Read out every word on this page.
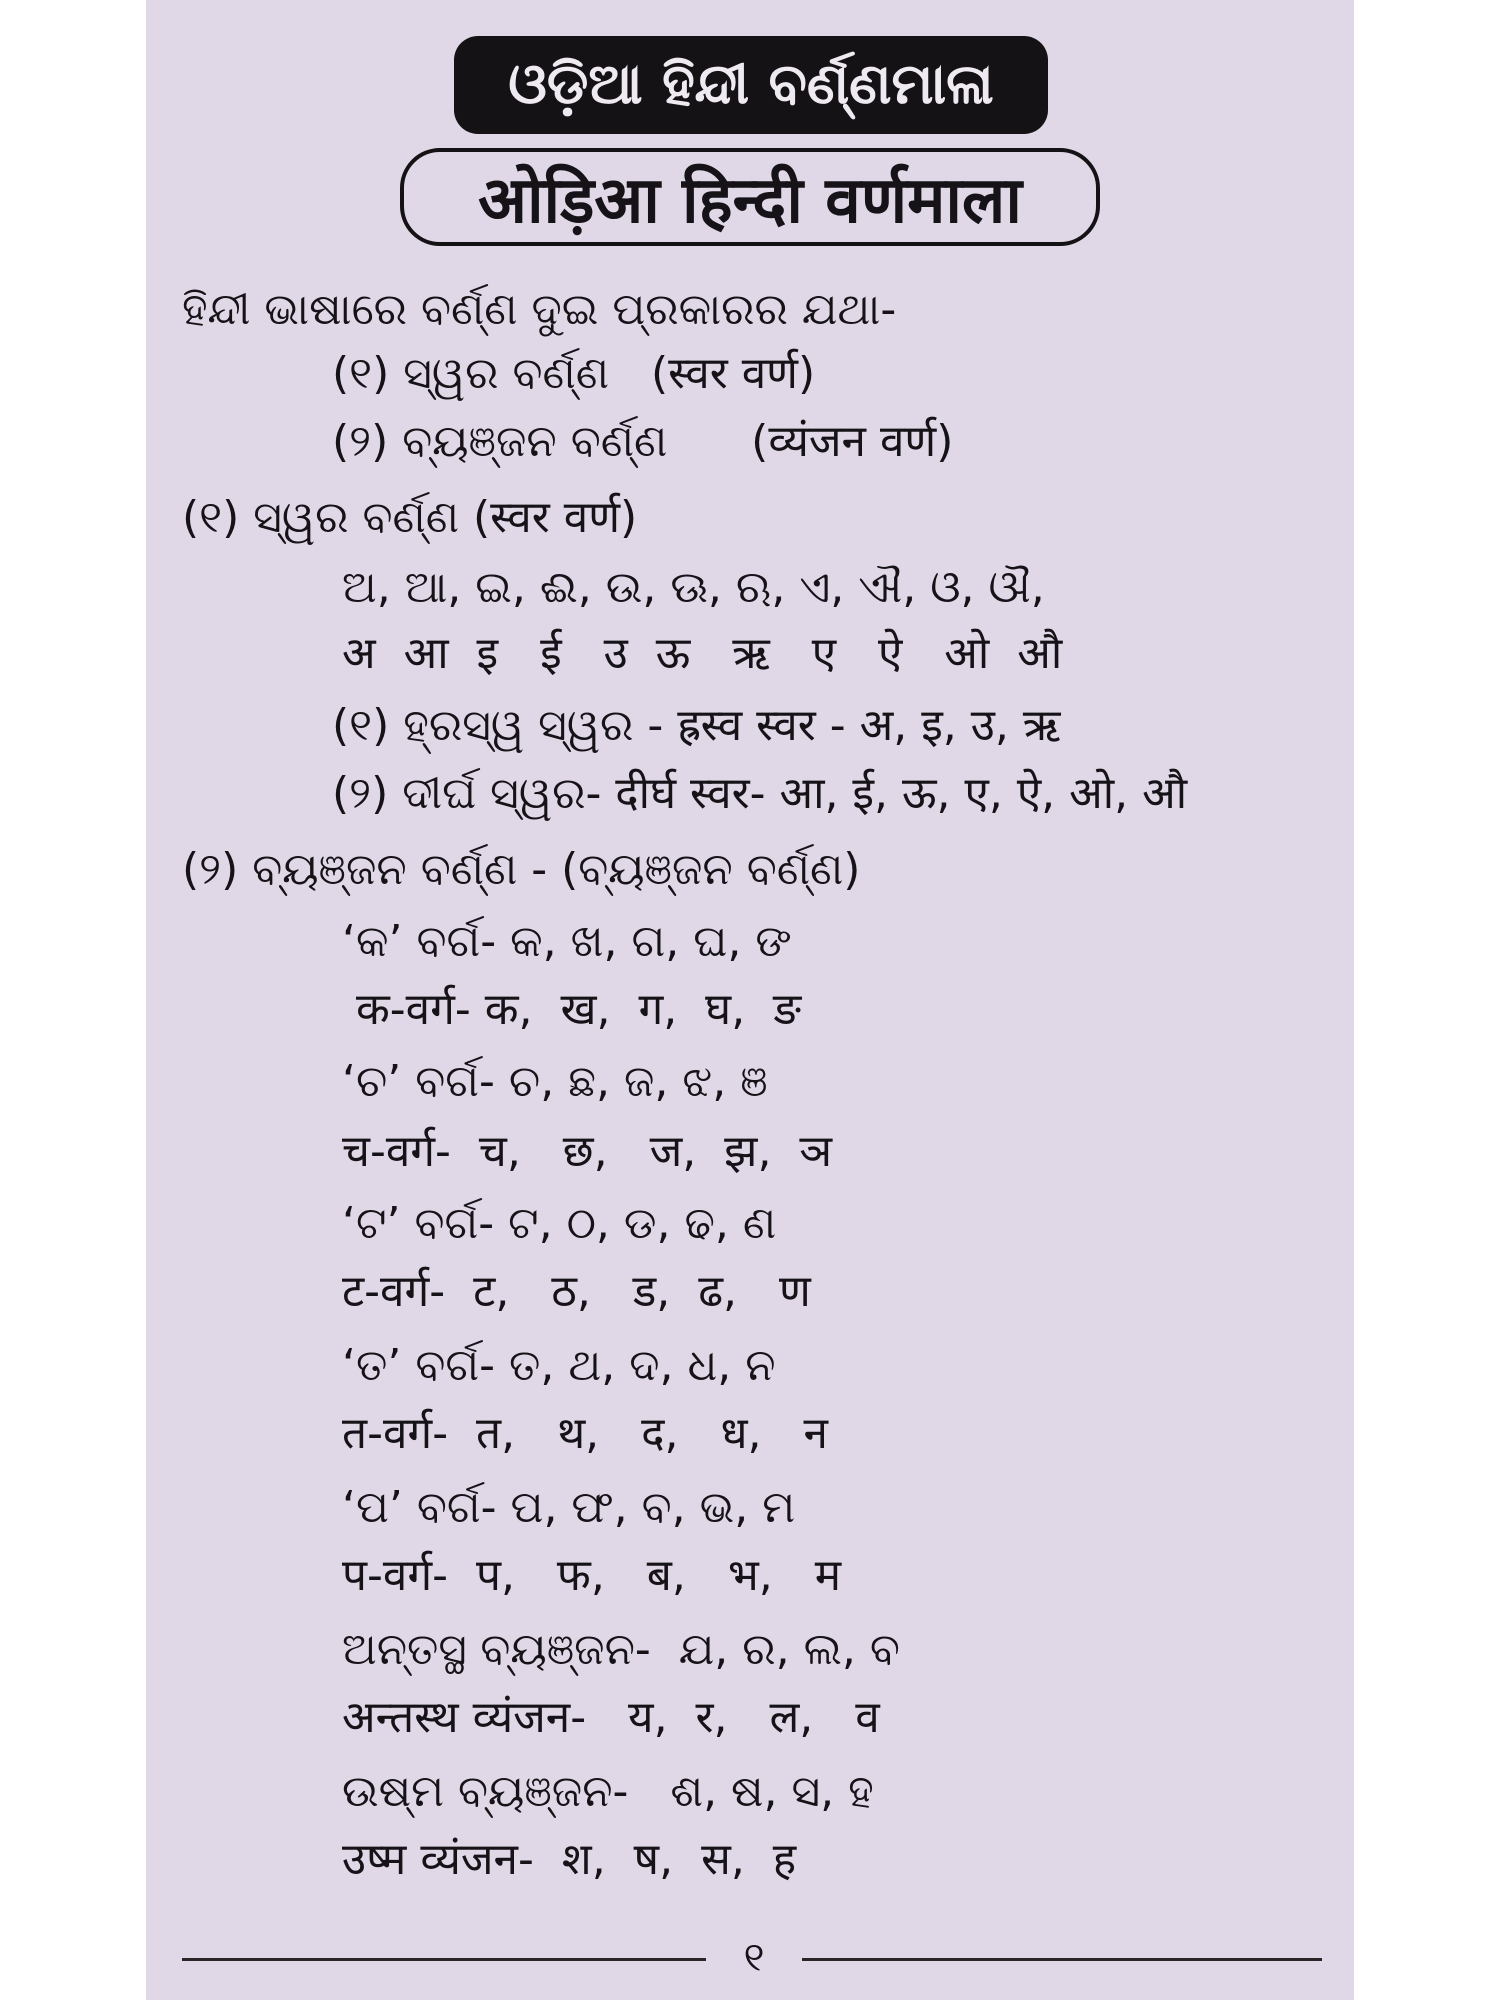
ଓଡ଼ିଆ ହିନ୍ଦୀ ବର୍ଣ୍ଣମାଳା
ओड़िआ हिन्दी वर्णमाला
ହିନ୍ଦୀ ଭାଷାରେ ବର୍ଣ୍ଣ ଦୁଇ ପ୍ରକାରର ଯଥା-
(୧) ସ୍ୱର ବର୍ଣ୍ଣ   (स्वर वर्ण)
(୨) ବ୍ୟଞ୍ଜନ ବର୍ଣ୍ଣ      (व्यंजन वर्ण)
(୧) ସ୍ୱର ବର୍ଣ୍ଣ (स्वर वर्ण)
ଅ, ଆ, ଇ, ଈ, ଉ, ଊ, ଋ, ଏ, ଐ, ଓ, ଔ,
अ  आ  इ   ई   उ  ऊ   ऋ   ए   ऐ   ओ  औ
(୧) ହ୍ରସ୍ୱ ସ୍ୱର - ह्रस्व स्वर - अ, इ, उ, ऋ
(୨) ଦୀର୍ଘ ସ୍ୱର- दीर्घ स्वर- आ, ई, ऊ, ए, ऐ, ओ, औ
(୨) ବ୍ୟଞ୍ଜନ ବର୍ଣ୍ଣ - (ବ୍ୟଞ୍ଜନ ବର୍ଣ୍ଣ)
‘କ’ ବର୍ଗ- କ, ଖ, ଗ, ଘ, ଙ
क-वर्ग- क,  ख,  ग,  घ,  ङ
‘ଚ’ ବର୍ଗ- ଚ, ଛ, ଜ, ଝ, ଞ
च-वर्ग-  च,   छ,   ज,  झ,  ञ
‘ଟ’ ବର୍ଗ- ଟ, ଠ, ଡ, ଢ, ଣ
ट-वर्ग-  ट,   ठ,   ड,  ढ,   ण
‘ତ’ ବର୍ଗ- ତ, ଥ, ଦ, ଧ, ନ
त-वर्ग-  त,   थ,   द,   ध,   न
‘ପ’ ବର୍ଗ- ପ, ଫ, ବ, ଭ, ମ
प-वर्ग-  प,   फ,   ब,   भ,   म
ଅନ୍ତସ୍ଥ ବ୍ୟଞ୍ଜନ-  ଯ, ର, ଲ, ବ
अन्तस्थ व्यंजन-   य,  र,   ल,   व
ଉଷ୍ମ ବ୍ୟଞ୍ଜନ-   ଶ, ଷ, ସ, ହ
उष्म व्यंजन-  श,  ष,  स,  ह
୧
